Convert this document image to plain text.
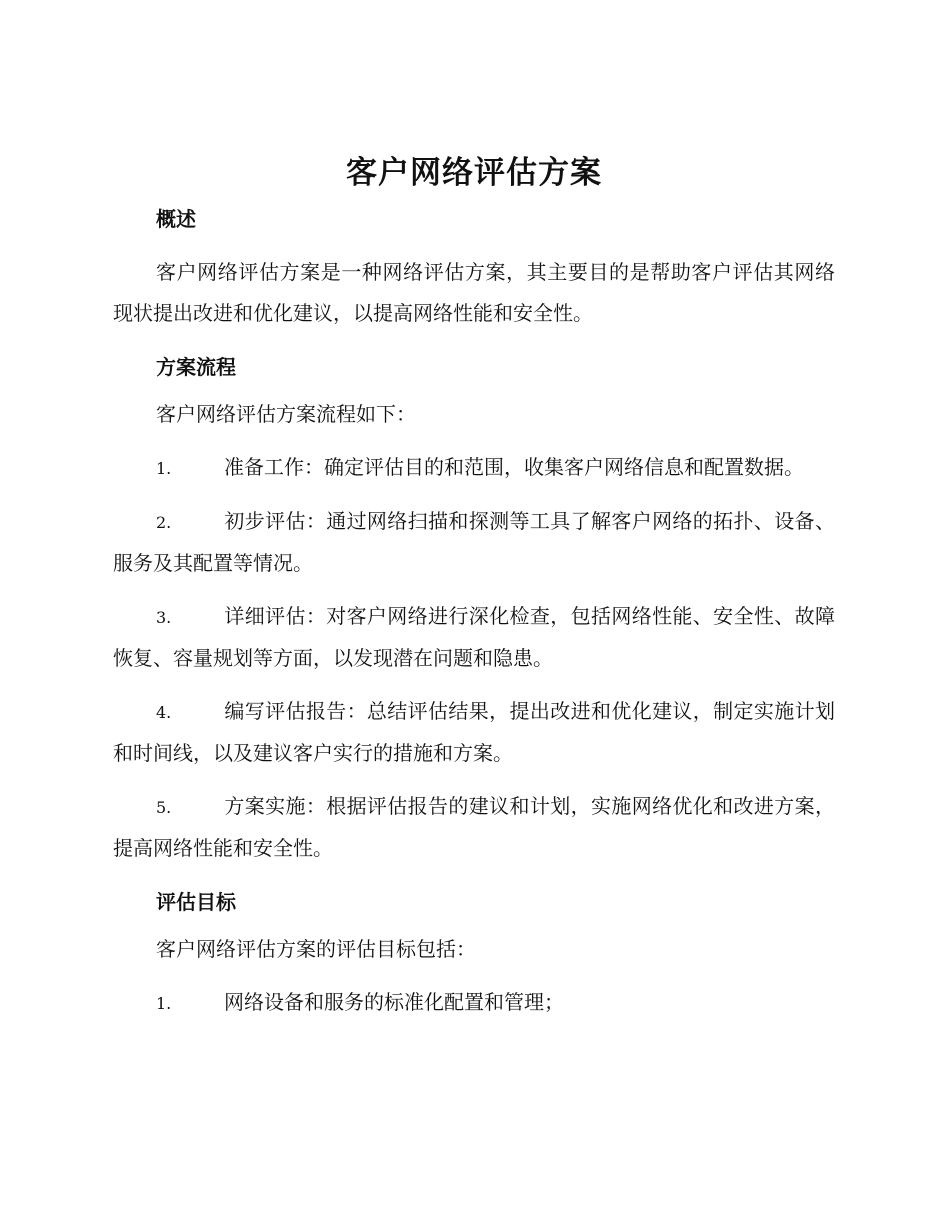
客户网络评估方案
概述

客户网络评估方案是一种网络评估方案，其主要目的是帮助客户评估其网络现状提出改进和优化建议，以提高网络性能和安全性。

方案流程

客户网络评估方案流程如下：

1.	准备工作：确定评估目的和范围，收集客户网络信息和配置数据。

2.	初步评估：通过网络扫描和探测等工具了解客户网络的拓扑、设备、服务及其配置等情况。

3.	详细评估：对客户网络进行深化检查，包括网络性能、安全性、故障恢复、容量规划等方面，以发现潜在问题和隐患。

4.	编写评估报告：总结评估结果，提出改进和优化建议，制定实施计划和时间线，以及建议客户实行的措施和方案。

5.	方案实施：根据评估报告的建议和计划，实施网络优化和改进方案，提高网络性能和安全性。

评估目标

客户网络评估方案的评估目标包括：

1.	网络设备和服务的标准化配置和管理；
